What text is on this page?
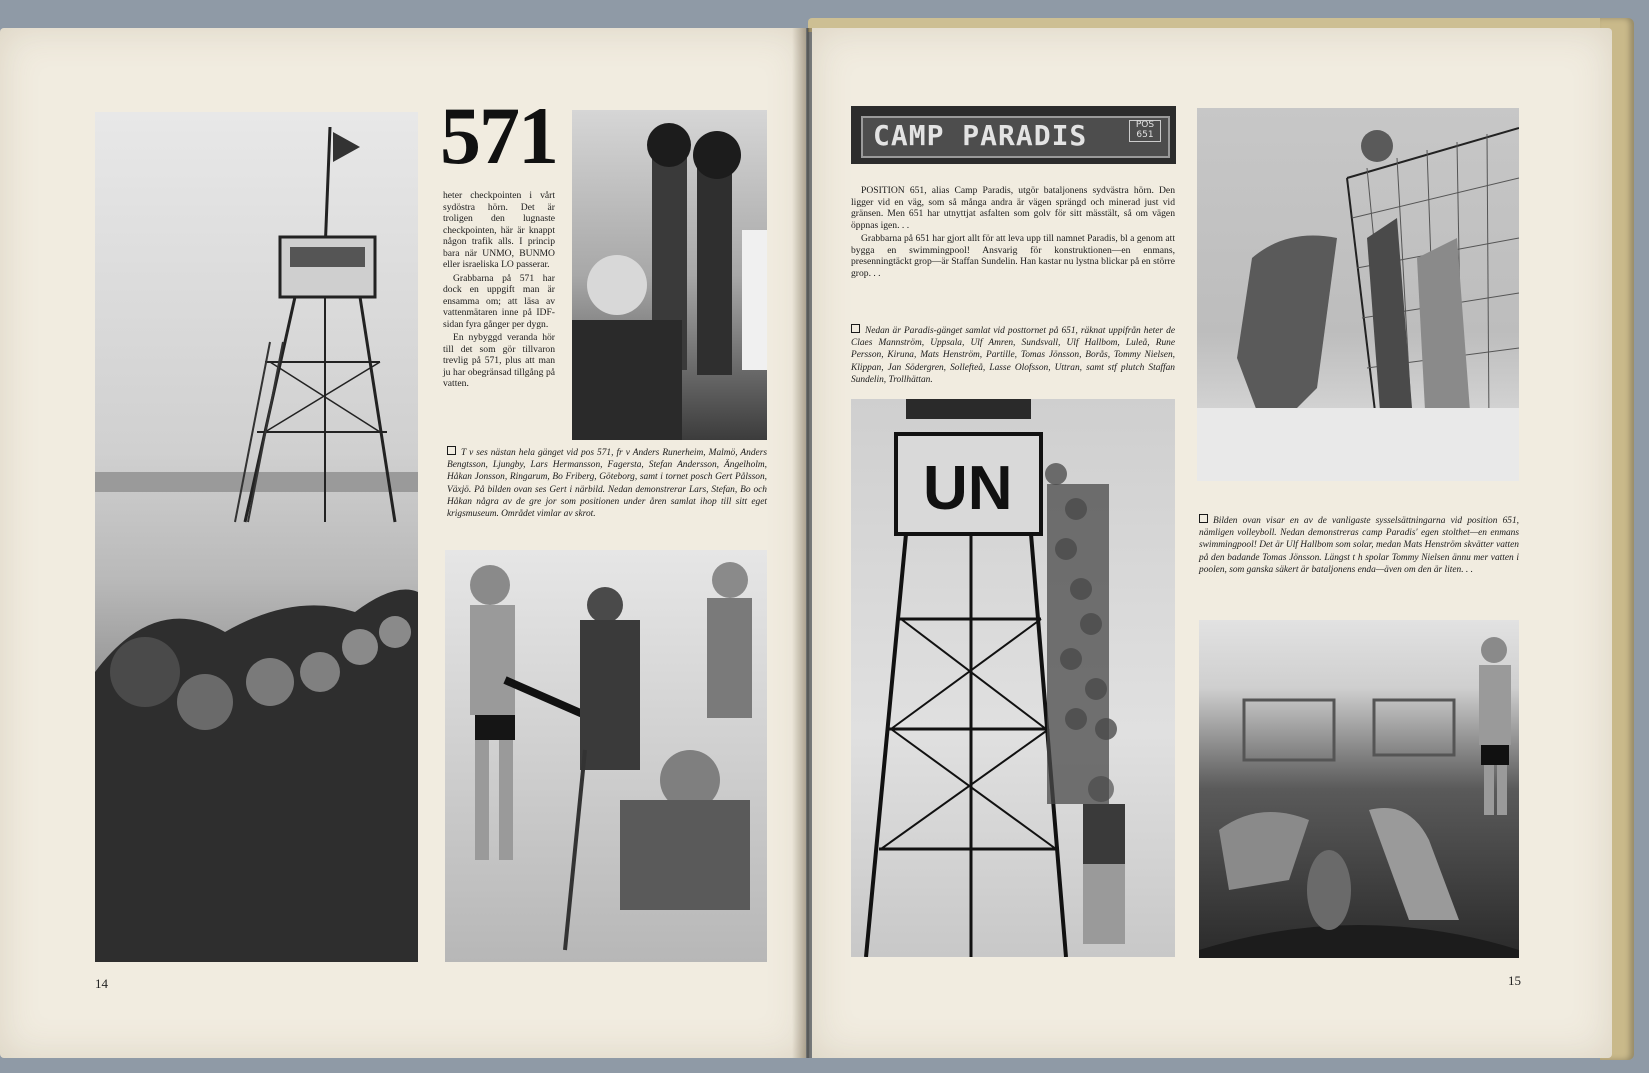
571

heter checkpointen i vårt sydöstra hörn. Det är troligen den lugnaste checkpointen, här är knappt någon trafik alls. I princip bara när UNMO, BUNMO eller israeliska LO passerar.

Grabbarna på 571 har dock en uppgift man är ensamma om; att läsa av vattenmätaren inne på IDF-sidan fyra gånger per dygn.

En nybyggd veranda hör till det som gör tillvaron trevlig på 571, plus att man ju har obegränsad tillgång på vatten.

T v ses nästan hela gänget vid pos 571, fr v Anders Runerheim, Malmö, Anders Bengtsson, Ljungby, Lars Hermansson, Fagersta, Stefan Andersson, Ängelholm, Håkan Jonsson, Ringarum, Bo Friberg, Göteborg, samt i tornet posch Gert Pålsson, Växjö. På bilden ovan ses Gert i närbild. Nedan demonstrerar Lars, Stefan, Bo och Håkan några av de gre jor som positionen under åren samlat ihop till sitt eget krigsmuseum. Området vimlar av skrot.
14
CAMP PARADIS	POS 651

POSITION 651, alias Camp Paradis, utgör bataljonens sydvästra hörn. Den ligger vid en väg, som så många andra är vägen sprängd och minerad just vid gränsen. Men 651 har utnyttjat asfalten som golv för sitt mässtält, så om vägen öppnas igen. . .

Grabbarna på 651 har gjort allt för att leva upp till namnet Paradis, bl a genom att bygga en swimmingpool! Ansvarig för konstruktionen—en enmans, presenningtäckt grop—är Staffan Sundelin. Han kastar nu lystna blickar på en större grop. . .

Nedan är Paradis-gänget samlat vid posttornet på 651, räknat uppifrån heter de Claes Mannström, Uppsala, Ulf Amren, Sundsvall, Ulf Hallbom, Luleå, Rune Persson, Kiruna, Mats Henström, Partille, Tomas Jönsson, Borås, Tommy Nielsen, Klippan, Jan Södergren, Sollefteå, Lasse Olofsson, Uttran, samt stf plutch Staffan Sundelin, Trollhättan.
UN	Bilden ovan visar en av de vanligaste sysselsättningarna vid position 651, nämligen volleyboll. Nedan demonstreras camp Paradis' egen stolthet—en enmans swimmingpool! Det är Ulf Hallbom som solar, medan Mats Henström skvätter vatten på den badande Tomas Jönsson. Längst t h spolar Tommy Nielsen ännu mer vatten i poolen, som ganska säkert är bataljonens enda—även om den är liten. . .
15
